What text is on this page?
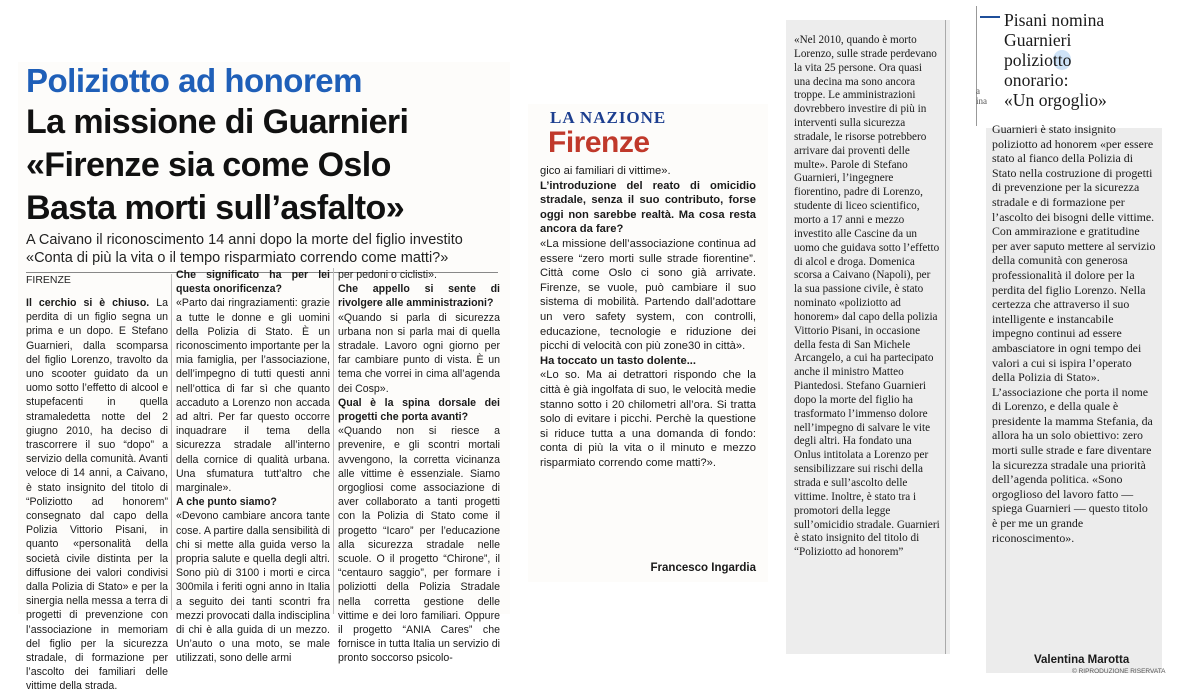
Poliziotto ad honorem
La missione di Guarnieri
«Firenze sia come Oslo
Basta morti sull’asfalto»
A Caivano il riconoscimento 14 anni dopo la morte del figlio investito
«Conta di più la vita o il tempo risparmiato correndo come matti?»
FIRENZE

Il cerchio si è chiuso. La perdita di un figlio segna un prima e un dopo. E Stefano Guarnieri, dalla scomparsa del figlio Lorenzo, travolto da uno scooter guidato da un uomo sotto l’effetto di alcool e stupefacenti in quella stramaledetta notte del 2 giugno 2010, ha deciso di trascorrere il suo “dopo” a servizio della comunità. Avanti veloce di 14 anni, a Caivano, è stato insignito del titolo di “Poliziotto ad honorem” consegnato dal capo della Polizia Vittorio Pisani, in quanto «personalità della società civile distinta per la diffusione dei valori condivisi dalla Polizia di Stato» e per la sinergia nella messa a terra di progetti di prevenzione con l’associazione in memoriam del figlio per la sicurezza stradale, di formazione per l’ascolto dei familiari delle vittime della strada.

Che significato ha per lei questa onorificenza?

«Parto dai ringraziamenti: grazie a tutte le donne e gli uomini della Polizia di Stato. È un riconoscimento importante per la mia famiglia, per l’associazione, dell’impegno di tutti questi anni nell’ottica di far sì che quanto accaduto a Lorenzo non accada ad altri. Per far questo occorre inquadrare il tema della sicurezza stradale all’interno della cornice di qualità urbana. Una sfumatura tutt’altro che marginale».

A che punto siamo?

«Devono cambiare ancora tante cose. A partire dalla sensibilità di chi si mette alla guida verso la propria salute e quella degli altri. Sono più di 3100 i morti e circa 300mila i feriti ogni anno in Italia a seguito dei tanti scontri fra mezzi provocati dalla indisciplina di chi è alla guida di un mezzo. Un’auto o una moto, se male utilizzati, sono delle armi

per pedoni o ciclisti».

Che appello si sente di rivolgere alle amministrazioni?

«Quando si parla di sicurezza urbana non si parla mai di quella stradale. Lavoro ogni giorno per far cambiare punto di vista. È un tema che vorrei in cima all’agenda dei Cosp».

Qual è la spina dorsale dei progetti che porta avanti?

«Quando non si riesce a prevenire, e gli scontri mortali avvengono, la corretta vicinanza alle vittime è essenziale. Siamo orgogliosi come associazione di aver collaborato a tanti progetti con la Polizia di Stato come il progetto “Icaro” per l’educazione alla sicurezza stradale nelle scuole. O il progetto “Chirone”, il “centauro saggio”, per formare i poliziotti della Polizia Stradale nella corretta gestione delle vittime e dei loro familiari. Oppure il progetto “ANIA Cares” che fornisce in tutta Italia un servizio di pronto soccorso psicolo-

LA NAZIONE
Firenze

gico ai familiari di vittime».

L’introduzione del reato di omicidio stradale, senza il suo contributo, forse oggi non sarebbe realtà. Ma cosa resta ancora da fare?

«La missione dell’associazione continua ad essere “zero morti sulle strade fiorentine”. Città come Oslo ci sono già arrivate. Firenze, se vuole, può cambiare il suo sistema di mobilità. Partendo dall’adottare un vero safety system, con controlli, educazione, tecnologie e riduzione dei picchi di velocità con più zone30 in città».

Ha toccato un tasto dolente...

«Lo so. Ma ai detrattori rispondo che la città è già ingolfata di suo, le velocità medie stanno sotto i 20 chilometri all’ora. Si tratta solo di evitare i picchi. Perchè la questione si riduce tutta a una domanda di fondo: conta di più la vita o il minuto e mezzo risparmiato correndo come matti?».

Francesco Ingardia

«Nel 2010, quando è morto Lorenzo, sulle strade perdevano la vita 25 persone. Ora quasi una decina ma sono ancora troppe. Le amministrazioni dovrebbero investire di più in interventi sulla sicurezza stradale, le risorse potrebbero arrivare dai proventi delle multe». Parole di Stefano Guarnieri, l’ingegnere fiorentino, padre di Lorenzo, studente di liceo scientifico, morto a 17 anni e mezzo investito alle Cascine da un uomo che guidava sotto l’effetto di alcol e droga. Domenica scorsa a Caivano (Napoli), per la sua passione civile, è stato nominato «poliziotto ad honorem» dal capo della polizia Vittorio Pisani, in occasione della festa di San Michele Arcangelo, a cui ha partecipato anche il ministro Matteo Piantedosi. Stefano Guarnieri dopo la morte del figlio ha trasformato l’immenso dolore nell’impegno di salvare le vite degli altri. Ha fondato una Onlus intitolata a Lorenzo per sensibilizzare sui rischi della strada e sull’ascolto delle vittime. Inoltre, è stato tra i promotori della legge sull’omicidio stradale. Guarnieri è stato insignito del titolo di “Poliziotto ad honorem”

a
ina
Pisani nomina
Guarnieri
poliziotto
onorario:
«Un orgoglio»

Guarnieri è stato insignito poliziotto ad honorem «per essere stato al fianco della Polizia di Stato nella costruzione di progetti di prevenzione per la sicurezza stradale e di formazione per l’ascolto dei bisogni delle vittime. Con ammirazione e gratitudine per aver saputo mettere al servizio della comunità con generosa professionalità il dolore per la perdita del figlio Lorenzo. Nella certezza che attraverso il suo intelligente e instancabile impegno continui ad essere ambasciatore in ogni tempo dei valori a cui si ispira l’operato della Polizia di Stato». L’associazione che porta il nome di Lorenzo, e della quale è presidente la mamma Stefania, da allora ha un solo obiettivo: zero morti sulle strade e fare diventare la sicurezza stradale una priorità dell’agenda politica. «Sono orgoglioso del lavoro fatto — spiega Guarnieri — questo titolo è per me un grande riconoscimento».

Valentina Marotta
© RIPRODUZIONE RISERVATA
